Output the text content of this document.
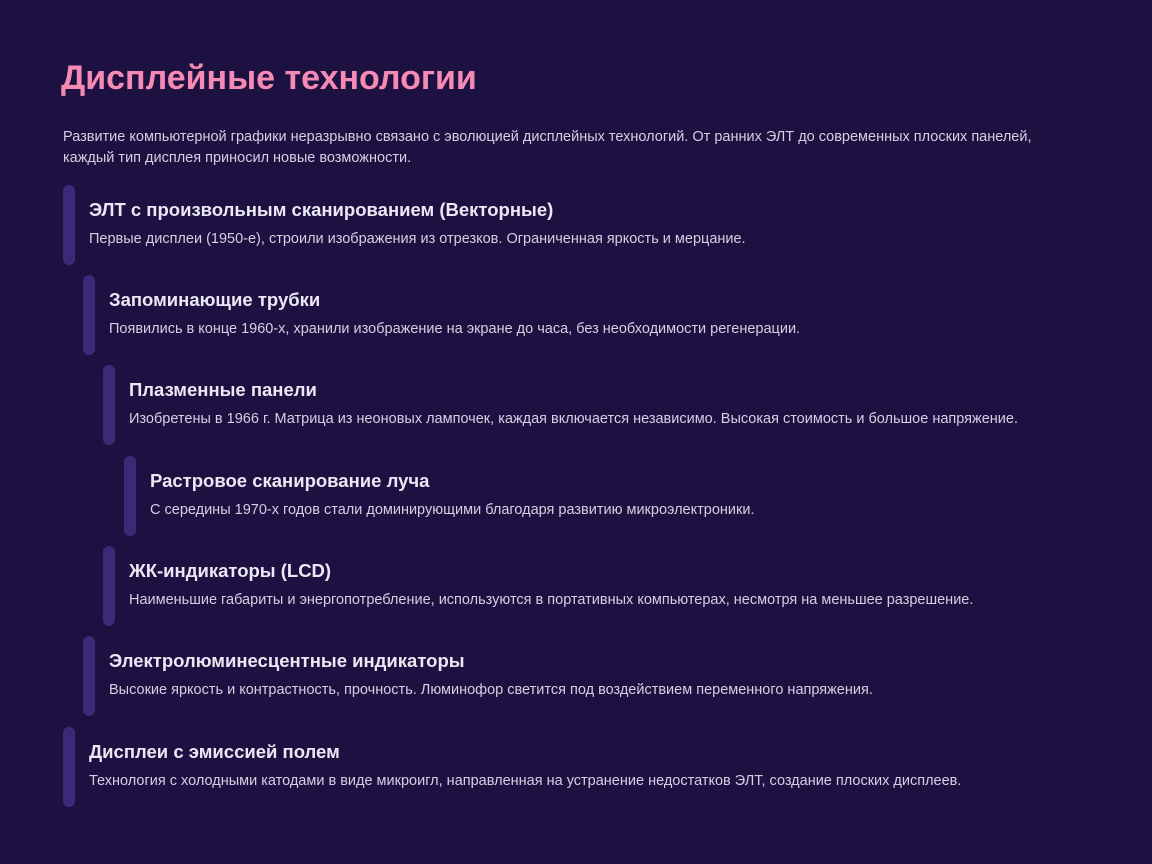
Дисплейные технологии

Развитие компьютерной графики неразрывно связано с эволюцией дисплейных технологий. От ранних ЭЛТ до современных плоских панелей, каждый тип дисплея приносил новые возможности.

ЭЛТ с произвольным сканированием (Векторные)

Первые дисплеи (1950-е), строили изображения из отрезков. Ограниченная яркость и мерцание.

Запоминающие трубки

Появились в конце 1960-х, хранили изображение на экране до часа, без необходимости регенерации.

Плазменные панели

Изобретены в 1966 г. Матрица из неоновых лампочек, каждая включается независимо. Высокая стоимость и большое напряжение.

Растровое сканирование луча

С середины 1970-х годов стали доминирующими благодаря развитию микроэлектроники.

ЖК-индикаторы (LCD)

Наименьшие габариты и энергопотребление, используются в портативных компьютерах, несмотря на меньшее разрешение.

Электролюминесцентные индикаторы

Высокие яркость и контрастность, прочность. Люминофор светится под воздействием переменного напряжения.

Дисплеи с эмиссией полем

Технология с холодными катодами в виде микроигл, направленная на устранение недостатков ЭЛТ, создание плоских дисплеев.
